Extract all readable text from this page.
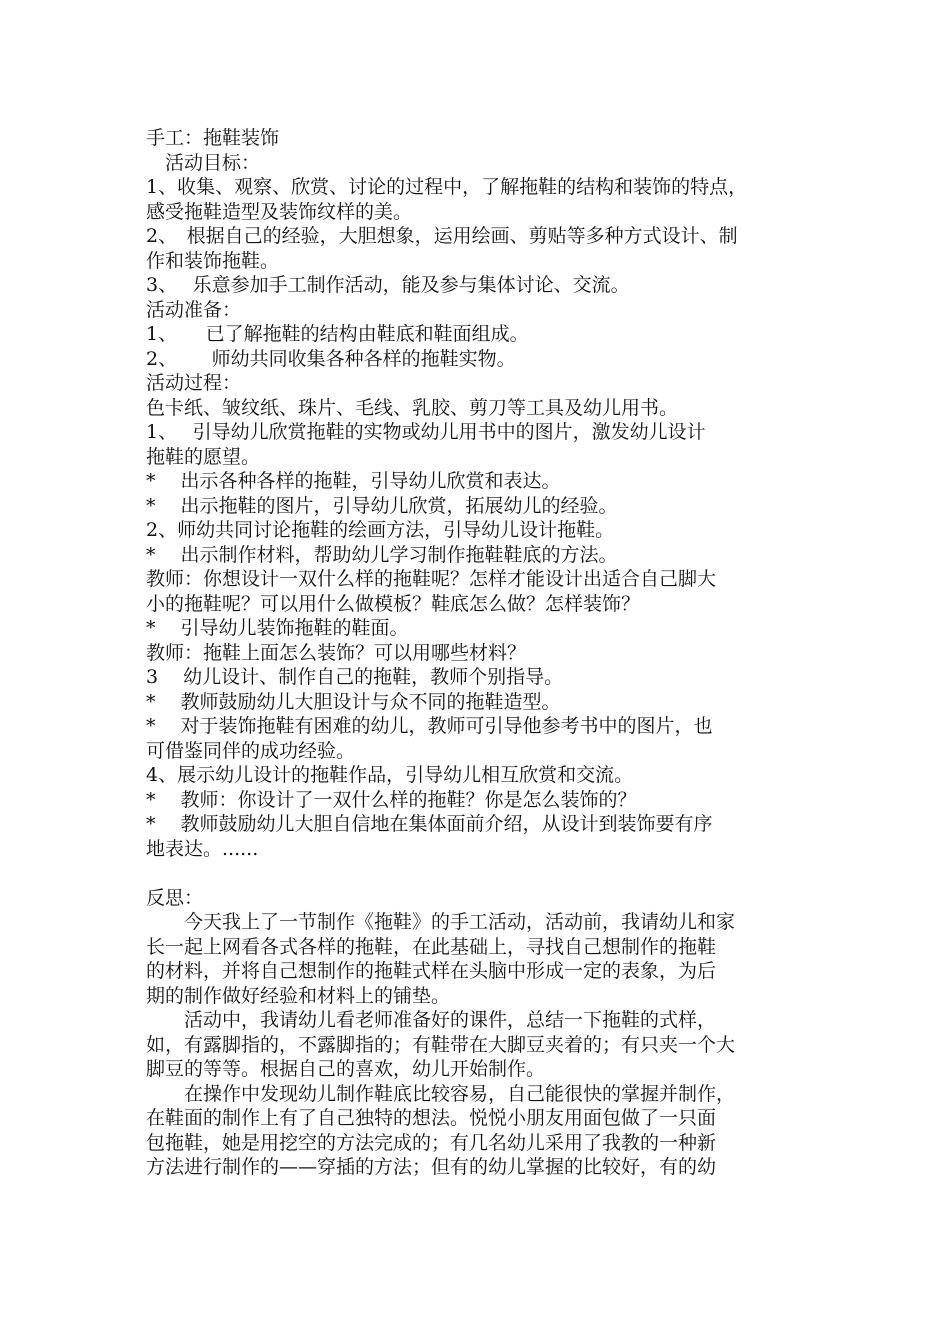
手工：拖鞋装饰
　活动目标：
1、收集、观察、欣赏、讨论的过程中，了解拖鞋的结构和装饰的特点，
感受拖鞋造型及装饰纹样的美。
2、　根据自己的经验，大胆想象，运用绘画、剪贴等多种方式设计、制
作和装饰拖鞋。
3、　 乐意参加手工制作活动，能及参与集体讨论、交流。
活动准备：
1、　　已了解拖鞋的结构由鞋底和鞋面组成。
2、　　 师幼共同收集各种各样的拖鞋实物。
活动过程：
色卡纸、皱纹纸、珠片、毛线、乳胶、剪刀等工具及幼儿用书。
1、　 引导幼儿欣赏拖鞋的实物或幼儿用书中的图片，激发幼儿设计
拖鞋的愿望。
*　 出示各种各样的拖鞋，引导幼儿欣赏和表达。
*　 出示拖鞋的图片，引导幼儿欣赏，拓展幼儿的经验。
2、师幼共同讨论拖鞋的绘画方法，引导幼儿设计拖鞋。
*　 出示制作材料，帮助幼儿学习制作拖鞋鞋底的方法。
教师：你想设计一双什么样的拖鞋呢？怎样才能设计出适合自己脚大
小的拖鞋呢？可以用什么做模板？鞋底怎么做？怎样装饰？
*　 引导幼儿装饰拖鞋的鞋面。
教师：拖鞋上面怎么装饰？可以用哪些材料？
3　 幼儿设计、制作自己的拖鞋，教师个别指导。
*　 教师鼓励幼儿大胆设计与众不同的拖鞋造型。
*　 对于装饰拖鞋有困难的幼儿，教师可引导他参考书中的图片，也
可借鉴同伴的成功经验。
4、展示幼儿设计的拖鞋作品，引导幼儿相互欣赏和交流。
*　 教师：你设计了一双什么样的拖鞋？你是怎么装饰的？
*　 教师鼓励幼儿大胆自信地在集体面前介绍，从设计到装饰要有序
地表达。......
反思：
　　今天我上了一节制作《拖鞋》的手工活动，活动前，我请幼儿和家
长一起上网看各式各样的拖鞋，在此基础上，寻找自己想制作的拖鞋
的材料，并将自己想制作的拖鞋式样在头脑中形成一定的表象，为后
期的制作做好经验和材料上的铺垫。
　　活动中，我请幼儿看老师准备好的课件，总结一下拖鞋的式样，
如，有露脚指的，不露脚指的；有鞋带在大脚豆夹着的；有只夹一个大
脚豆的等等。根据自己的喜欢，幼儿开始制作。
　　在操作中发现幼儿制作鞋底比较容易，自己能很快的掌握并制作，
在鞋面的制作上有了自己独特的想法。悦悦小朋友用面包做了一只面
包拖鞋，她是用挖空的方法完成的；有几名幼儿采用了我教的一种新
方法进行制作的——穿插的方法；但有的幼儿掌握的比较好，有的幼
